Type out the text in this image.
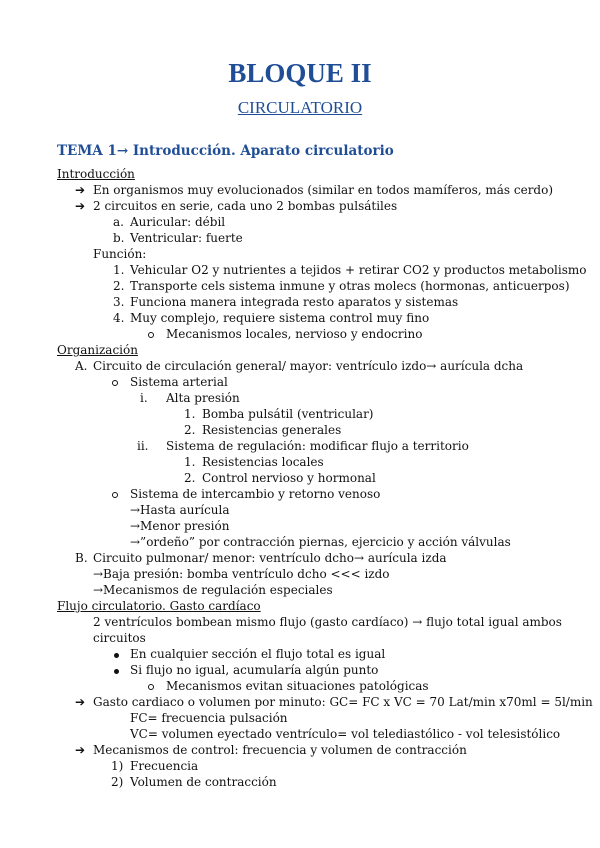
BLOQUE II
CIRCULATORIO
TEMA 1→ Introducción. Aparato circulatorio
Introducción
➔ En organismos muy evolucionados (similar en todos mamíferos, más cerdo)
➔ 2 circuitos en serie, cada uno 2 bombas pulsátiles
a. Auricular: débil
b. Ventricular: fuerte
Función:
1. Vehicular O2 y nutrientes a tejidos + retirar CO2 y productos metabolismo
2. Transporte cels sistema inmune y otras molecs (hormonas, anticuerpos)
3. Funciona manera integrada resto aparatos y sistemas
4. Muy complejo, requiere sistema control muy fino
Mecanismos locales, nervioso y endocrino
Organización
A. Circuito de circulación general/ mayor: ventrículo izdo→ aurícula dcha
Sistema arterial
i. Alta presión
1. Bomba pulsátil (ventricular)
2. Resistencias generales
ii. Sistema de regulación: modificar flujo a territorio
1. Resistencias locales
2. Control nervioso y hormonal
Sistema de intercambio y retorno venoso
→Hasta aurícula
→Menor presión
→”ordeño” por contracción piernas, ejercicio y acción válvulas
B. Circuito pulmonar/ menor: ventrículo dcho→ aurícula izda
→Baja presión: bomba ventrículo dcho <<< izdo
→Mecanismos de regulación especiales
Flujo circulatorio. Gasto cardíaco
2 ventrículos bombean mismo flujo (gasto cardíaco) → flujo total igual ambos
circuitos
En cualquier sección el flujo total es igual
Si flujo no igual, acumularía algún punto
Mecanismos evitan situaciones patológicas
➔ Gasto cardiaco o volumen por minuto: GC= FC x VC = 70 Lat/min x70ml = 5l/min
FC= frecuencia pulsación
VC= volumen eyectado ventrículo= vol telediastólico - vol telesistólico
➔ Mecanismos de control: frecuencia y volumen de contracción
1) Frecuencia
2) Volumen de contracción
